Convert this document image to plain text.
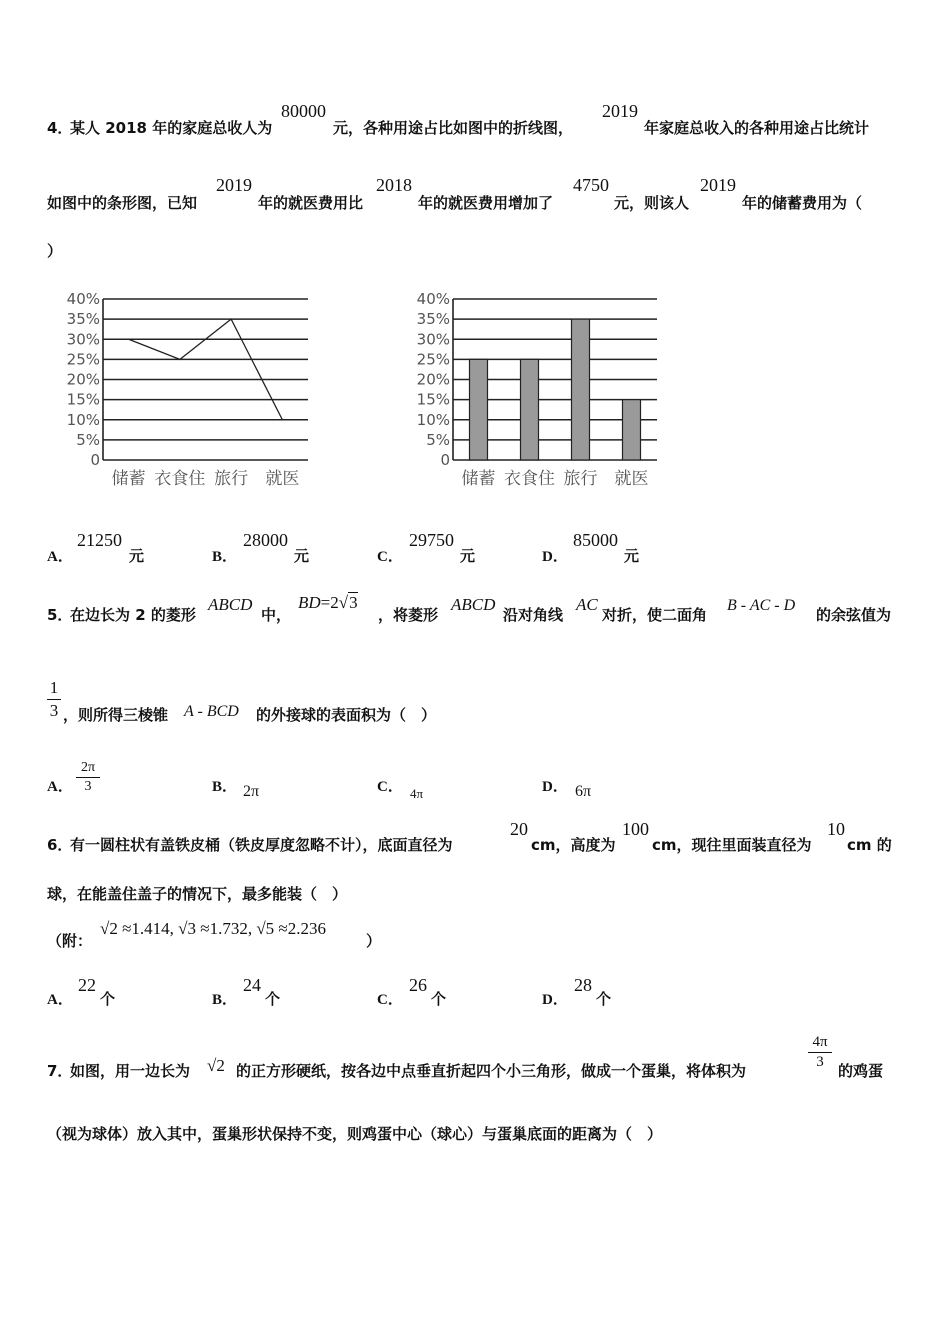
4．
某人 2018 年的家庭总收人为
80000
元，各种用途占比如图中的折线图，
2019
年家庭总收入的各种用途占比统计
如图中的条形图，已知
2019
年的就医费用比
2018
年的就医费用增加了
4750
元，则该人
2019
年的储蓄费用为（
）
0
5%
10%
15%
20%
25%
30%
35%
40%
储蓄 衣食住 旅行 就医
0
5%
10%
15%
20%
25%
30%
35%
40%
储蓄 衣食住 旅行 就医
A．
21250
元	B．
28000
元	C．
29750
元	D．
85000
元
5．
在边长为 2 的菱形
ABCD
中，
BD=2√3
，将菱形
ABCD
沿对角线
AC
对折，使二面角
B - AC - D
的余弦值为
1
3 ，则所得三棱锥 A - BCD 的外接球的表面积为（　）
A．
2π
3	B． 2π	C． 4π	D． 6π
6．
有一圆柱状有盖铁皮桶（铁皮厚度忽略不计），底面直径为
20
cm，高度为
100
cm，现往里面装直径为
10
cm 的
球，在能盖住盖子的情况下，最多能装（　）
（附：
√2 ≈1.414, √3 ≈1.732, √5 ≈2.236
）
A．
22
个	B．
24
个	C．
26
个	D．
28
个
7．
如图，用一边长为 √2 的正方形硬纸，按各边中点垂直折起四个小三角形，做成一个蛋巢，将体积为
4π
3 的鸡蛋
（视为球体）放入其中，蛋巢形状保持不变，则鸡蛋中心（球心）与蛋巢底面的距离为（　）
